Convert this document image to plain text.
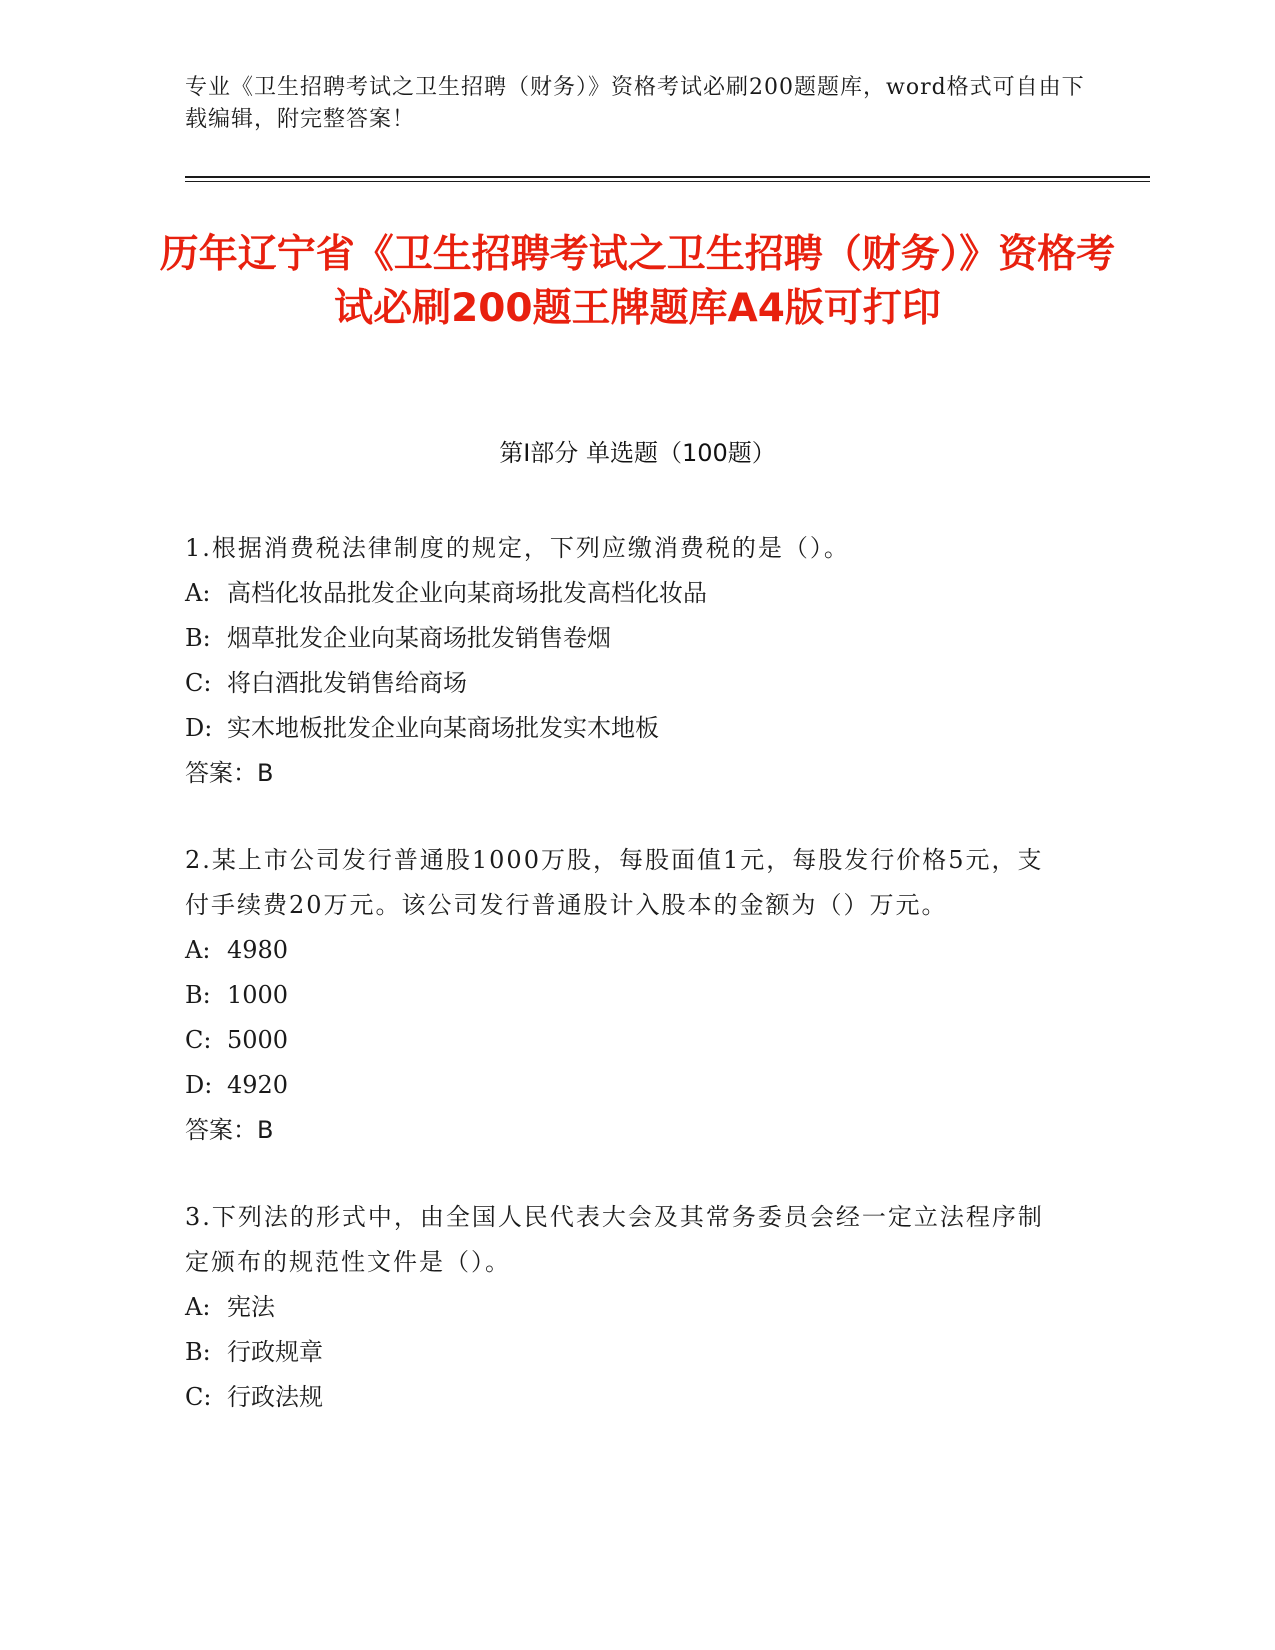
专业《卫生招聘考试之卫生招聘（财务）》资格考试必刷200题题库，word格式可自由下载编辑，附完整答案！
历年辽宁省《卫生招聘考试之卫生招聘（财务）》资格考试必刷200题王牌题库A4版可打印
第Ⅰ部分 单选题（100题）
1.根据消费税法律制度的规定，下列应缴消费税的是（）。
A: 高档化妆品批发企业向某商场批发高档化妆品
B: 烟草批发企业向某商场批发销售卷烟
C: 将白酒批发销售给商场
D: 实木地板批发企业向某商场批发实木地板
答案：B
2.某上市公司发行普通股1000万股，每股面值1元，每股发行价格5元，支付手续费20万元。该公司发行普通股计入股本的金额为（）万元。
A: 4980
B: 1000
C: 5000
D: 4920
答案：B
3.下列法的形式中，由全国人民代表大会及其常务委员会经一定立法程序制定颁布的规范性文件是（）。
A: 宪法
B: 行政规章
C: 行政法规
